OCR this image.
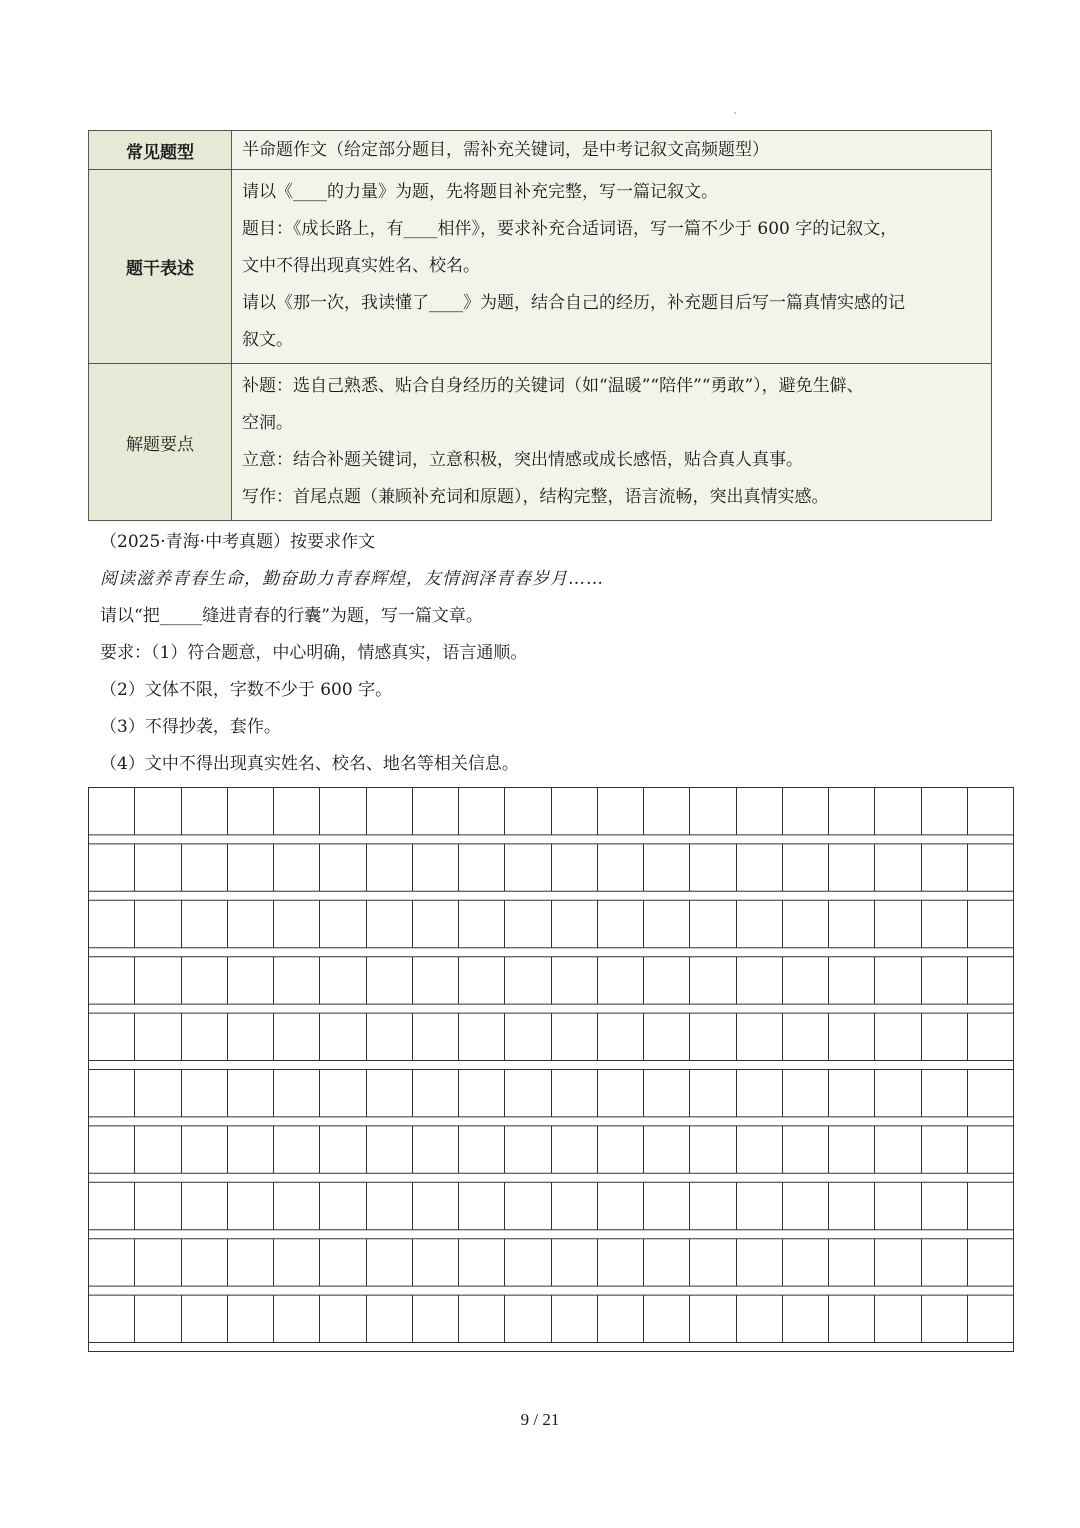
常见题型	半命题作文（给定部分题目，需补充关键词，是中考记叙文高频题型）

题干表述	请以《____的力量》为题，先将题目补充完整，写一篇记叙文。

题目：《成长路上，有____相伴》，要求补充合适词语，写一篇不少于 600 字的记叙文，

文中不得出现真实姓名、校名。

请以《那一次，我读懂了____》为题，结合自己的经历，补充题目后写一篇真情实感的记

叙文。

解题要点	补题：选自己熟悉、贴合自身经历的关键词（如“温暖”“陪伴”“勇敢”），避免生僻、

空洞。

立意：结合补题关键词，立意积极，突出情感或成长感悟，贴合真人真事。

写作：首尾点题（兼顾补充词和原题），结构完整，语言流畅，突出真情实感。

（2025·青海·中考真题）按要求作文

阅读滋养青春生命，勤奋助力青春辉煌，友情润泽青春岁月……

请以“把_____缝进青春的行囊”为题，写一篇文章。

要求：（1）符合题意，中心明确，情感真实，语言通顺。

（2）文体不限，字数不少于 600 字。

（3）不得抄袭，套作。

（4）文中不得出现真实姓名、校名、地名等相关信息。

9 / 21
